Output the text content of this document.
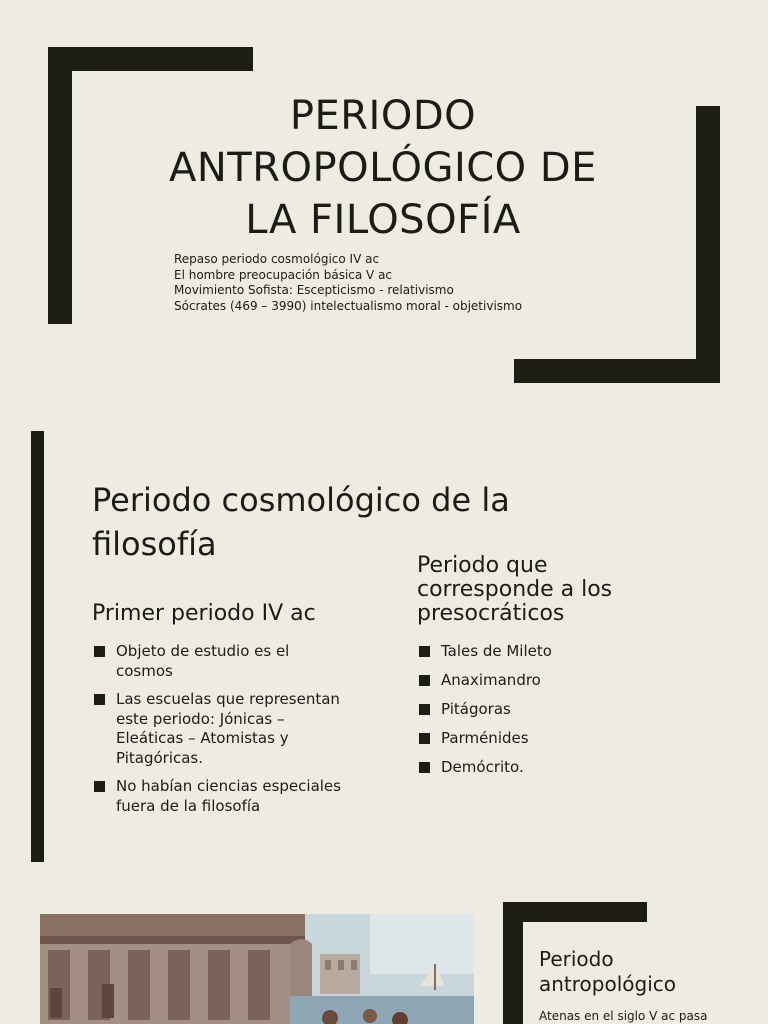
PERIODO
ANTROPOLÓGICO DE
LA FILOSOFÍA
Repaso periodo cosmológico IV ac
El hombre preocupación básica V ac
Movimiento Sofista: Escepticismo - relativismo
Sócrates (469 – 3990) intelectualismo moral - objetivismo
Periodo cosmológico de la
filosofía
Primer periodo IV ac
Objeto de estudio es el
cosmos
Las escuelas que representan
este periodo: Jónicas –
Eleáticas – Atomistas y
Pitagóricas.
No habían ciencias especiales
fuera de la filosofía
Periodo que
corresponde a los
presocráticos
Tales de Mileto
Anaximandro
Pitágoras
Parménides
Demócrito.
Periodo
antropológico
Atenas en el siglo V ac pasa
